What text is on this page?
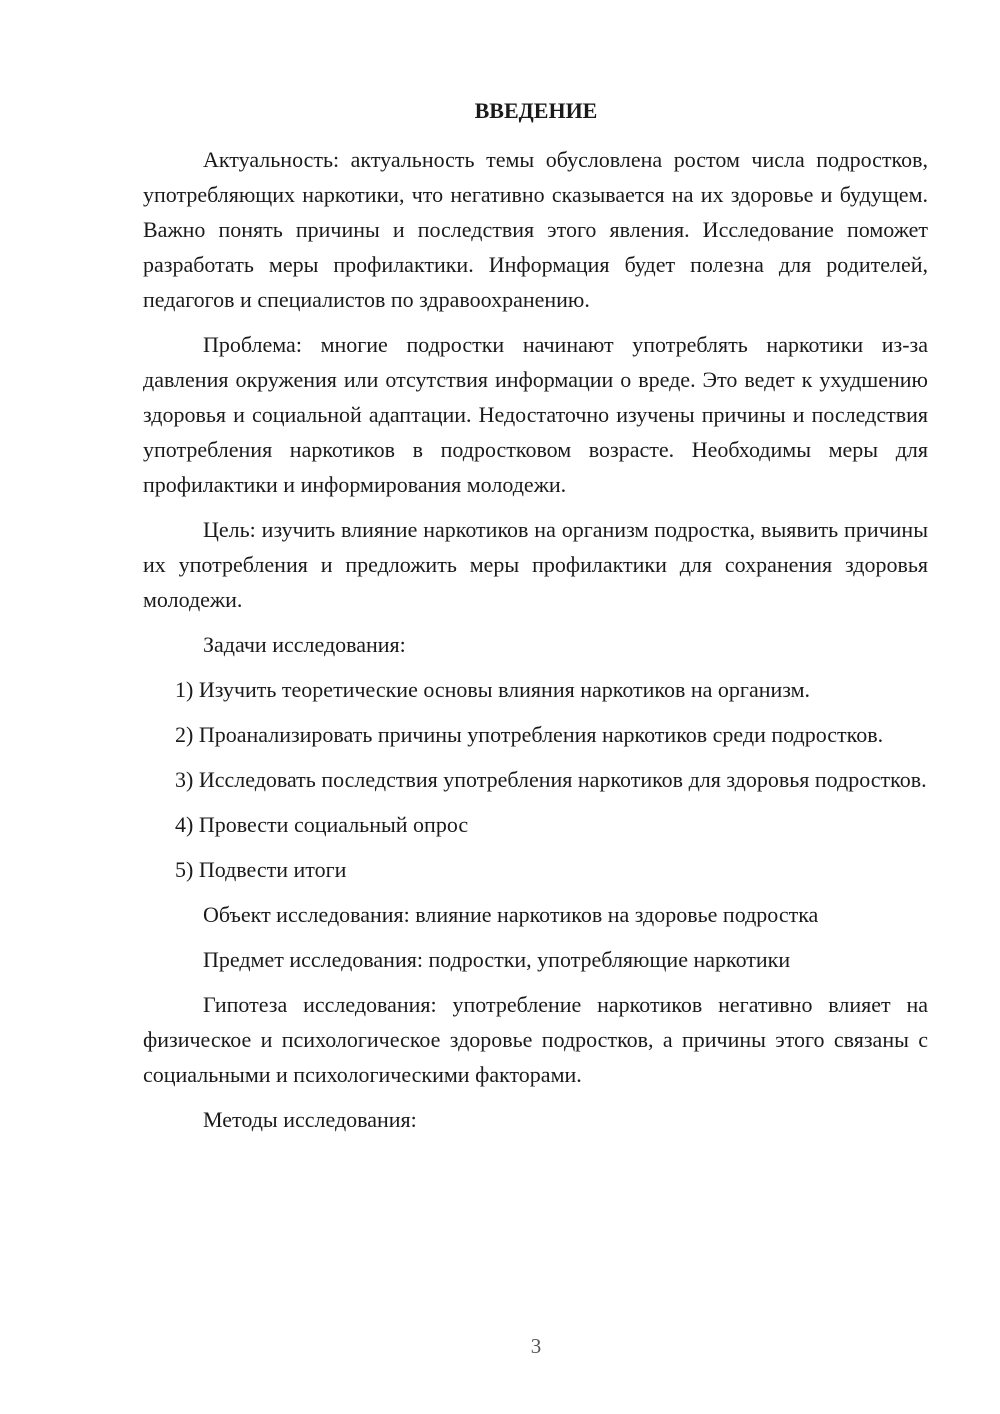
ВВЕДЕНИЕ

Актуальность: актуальность темы обусловлена ростом числа подростков, употребляющих наркотики, что негативно сказывается на их здоровье и будущем. Важно понять причины и последствия этого явления. Исследование поможет разработать меры профилактики. Информация будет полезна для родителей, педагогов и специалистов по здравоохранению.

Проблема: многие подростки начинают употреблять наркотики из-за давления окружения или отсутствия информации о вреде. Это ведет к ухудшению здоровья и социальной адаптации. Недостаточно изучены причины и последствия употребления наркотиков в подростковом возрасте. Необходимы меры для профилактики и информирования молодежи.

Цель: изучить влияние наркотиков на организм подростка, выявить причины их употребления и предложить меры профилактики для сохранения здоровья молодежи.

Задачи исследования:

1) Изучить теоретические основы влияния наркотиков на организм.

2) Проанализировать причины употребления наркотиков среди подростков.

3) Исследовать последствия употребления наркотиков для здоровья подростков.

4) Провести социальный опрос

5) Подвести итоги

Объект исследования: влияние наркотиков на здоровье подростка

Предмет исследования: подростки, употребляющие наркотики

Гипотеза исследования: употребление наркотиков негативно влияет на физическое и психологическое здоровье подростков, а причины этого связаны с социальными и психологическими факторами.

Методы исследования:

3
